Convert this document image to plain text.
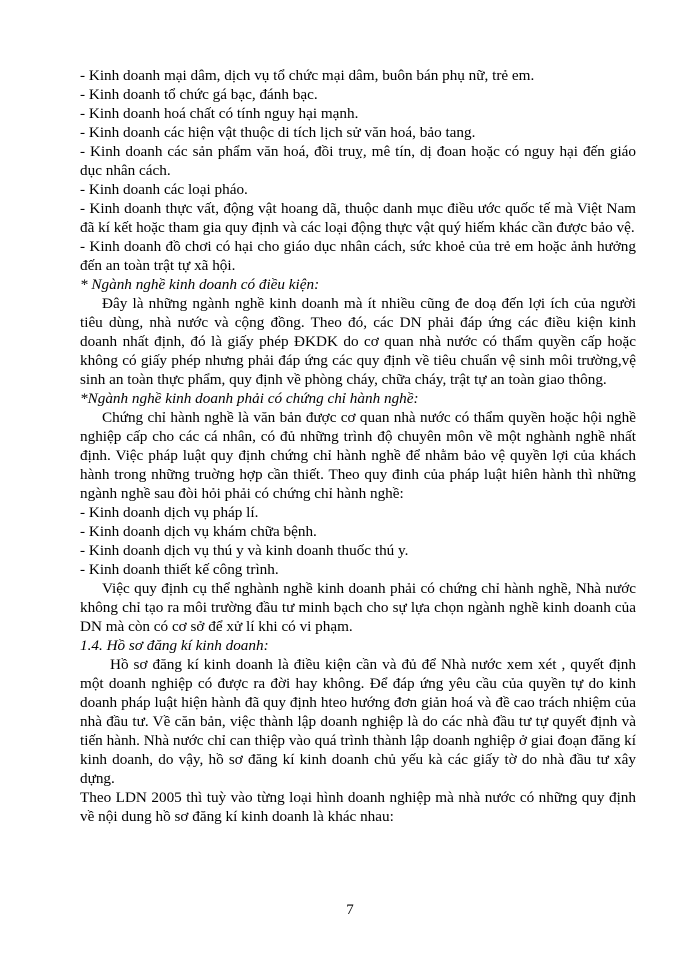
- Kinh doanh mại dâm, dịch vụ tổ chức mại dâm, buôn bán phụ nữ, trẻ em.

- Kinh doanh tổ chức gá bạc, đánh bạc.

- Kinh doanh hoá chất có tính nguy hại mạnh.

- Kinh doanh các hiện vật thuộc di tích lịch sử văn hoá, bảo tang.

- Kinh doanh các sản phẩm văn hoá, đồi truỵ, mê tín, dị đoan hoặc có nguy hại đến giáo dục nhân cách.

- Kinh doanh các loại pháo.

- Kinh doanh thực vất, động vật hoang dã, thuộc danh mục điều ước quốc tế mà Việt Nam đã kí kết hoặc tham gia quy định và các loại động thực vật quý hiếm khác cần được bảo vệ.

- Kinh doanh đồ chơi có hại cho giáo dục nhân cách, sức khoẻ của trẻ em hoặc ảnh hưởng đến an toàn trật tự xã hội.

* Ngành nghề kinh doanh có điều kiện:

Đây là những ngành nghề kinh doanh mà ít nhiều cũng đe doạ đến lợi ích của người tiêu dùng, nhà nước và cộng đồng. Theo đó, các DN phải đáp ứng các điều kiện kinh doanh nhất định, đó là giấy phép ĐKDK do cơ quan nhà nước có thẩm quyền cấp hoặc không có giấy phép nhưng phải đáp ứng các quy định về tiêu chuẩn vệ sinh môi trường,vệ sinh an toàn thực phẩm, quy định về phòng cháy, chữa cháy, trật tự an toàn giao thông.

*Ngành nghề kinh doanh phải có chứng chỉ hành nghề:

Chứng chỉ hành nghề là văn bản được cơ quan nhà nước có thẩm quyền hoặc hội nghề nghiệp cấp cho các cá nhân, có đủ những trình độ chuyên môn về một nghành nghề nhất định. Việc pháp luật quy định chứng chỉ hành nghề để nhằm bảo vệ quyền lợi của khách hành trong những truờng hợp cần thiết. Theo quy đinh của pháp luật hiên hành thì những ngành nghề sau đòi hỏi phải có chứng chỉ hành nghề:

- Kinh doanh dịch vụ pháp lí.

- Kinh doanh dịch vụ khám chữa bệnh.

- Kinh doanh dịch vụ thú y và kinh doanh thuốc thú y.

- Kinh doanh thiết kế công trình.

Việc quy định cụ thể nghành nghề kinh doanh phải có chứng chỉ hành nghề, Nhà nước không chỉ tạo ra môi trường đầu tư minh bạch cho sự lựa chọn ngành nghề kinh doanh của DN mà còn có cơ sở để xử lí khi có vi phạm.

1.4. Hồ sơ đăng kí kinh doanh:

Hồ sơ đăng kí kinh doanh là điều kiện cần và đủ để Nhà nước xem xét , quyết định một doanh nghiệp có được ra đời hay không. Để đáp ứng yêu cầu của quyền tự do kinh doanh pháp luật hiện hành đã quy định hteo hướng đơn giản hoá và đề cao trách nhiệm của nhà đầu tư. Về căn bản, việc thành lập doanh nghiệp là do các nhà đầu tư tự quyết định và tiến hành. Nhà nước chỉ can thiệp vào quá trình thành lập doanh nghiệp ở giai đoạn đăng kí kinh doanh, do vậy, hồ sơ đăng kí kinh doanh chủ yếu kà các giấy tờ do nhà đầu tư xây dựng.

Theo LDN 2005 thì tuỳ vào từng loại hình doanh nghiệp mà nhà nước có những quy định về nội dung hồ sơ đăng kí kinh doanh là khác nhau:

7
